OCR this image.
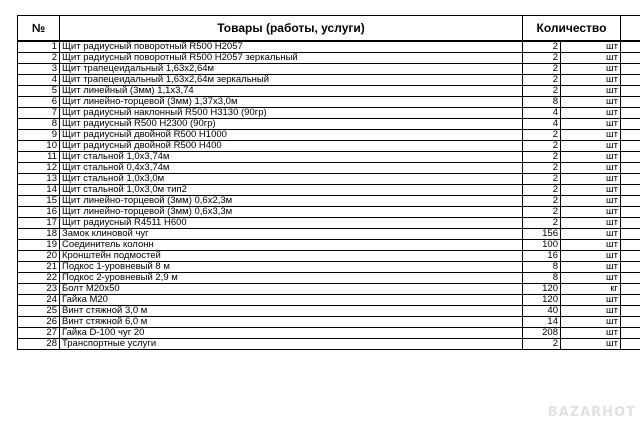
№	Товары (работы, услуги)	Количество		
1	Щит радиусный поворотный R500 H2057	2	шт	
2	Щит радиусный поворотный R500 H2057 зеркальный	2	шт	
3	Щит трапецеидальный 1,63x2,64м	2	шт	
4	Щит трапецеидальный 1,63x2,64м зеркальный	2	шт	
5	Щит линейный (3мм) 1,1x3,74	2	шт	
6	Щит линейно-торцевой (3мм) 1,37x3,0м	8	шт	
7	Щит радиусный наклонный R500 H3130 (90гр)	4	шт	
8	Щит радиусный R500 H2300 (90гр)	4	шт	
9	Щит радиусный двойной R500 H1000	2	шт	
10	Щит радиусный двойной R500 H400	2	шт	
11	Щит стальной 1,0x3,74м	2	шт	
12	Щит стальной 0,4x3,74м	2	шт	
13	Щит стальной 1,0x3,0м	2	шт	
14	Щит стальной 1,0x3,0м тип2	2	шт	
15	Щит линейно-торцевой (3мм) 0,6x2,3м	2	шт	
16	Щит линейно-торцевой (3мм) 0,6x3,3м	2	шт	
17	Щит радиусный R4511 H600	2	шт	
18	Замок клиновой чуг	156	шт	
19	Соединитель колонн	100	шт	
20	Кронштейн подмостей	16	шт	
21	Подкос 1-уровневый 8 м	8	шт	
22	Подкос 2-уровневый 2,9 м	8	шт	
23	Болт М20x50	120	кг	
24	Гайка М20	120	шт	
25	Винт стяжной 3,0 м	40	шт	
26	Винт стяжной 6,0 м	14	шт	
27	Гайка D-100 чуг 20	208	шт	
28	Транспортные услуги	2	шт	
BAZARHOT
